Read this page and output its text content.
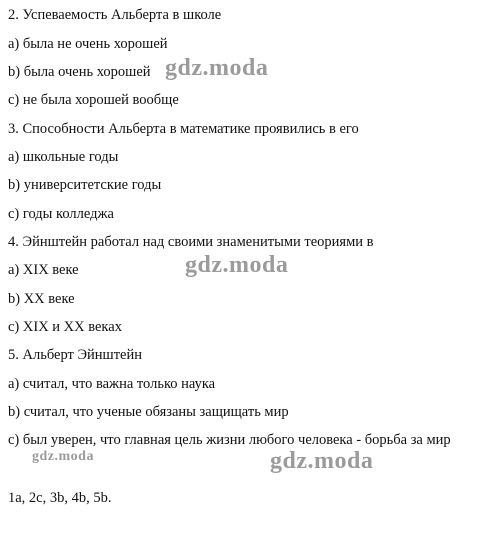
2. Успеваемость Альберта в школе
a) была не очень хорошей
b) была очень хорошей
c) не была хорошей вообще
3. Способности Альберта в математике проявились в его
a) школьные годы
b) университетские годы
c) годы колледжа
4. Эйнштейн работал над своими знаменитыми теориями в
a) XIX веке
b) XX веке
c) XIX и XX веках
5. Альберт Эйнштейн
a) считал, что важна только наука
b) считал, что ученые обязаны защищать мир
c) был уверен, что главная цель жизни любого человека - борьба за мир
1a, 2c, 3b, 4b, 5b.
gdz.moda
gdz.moda
gdz.moda	gdz.moda
